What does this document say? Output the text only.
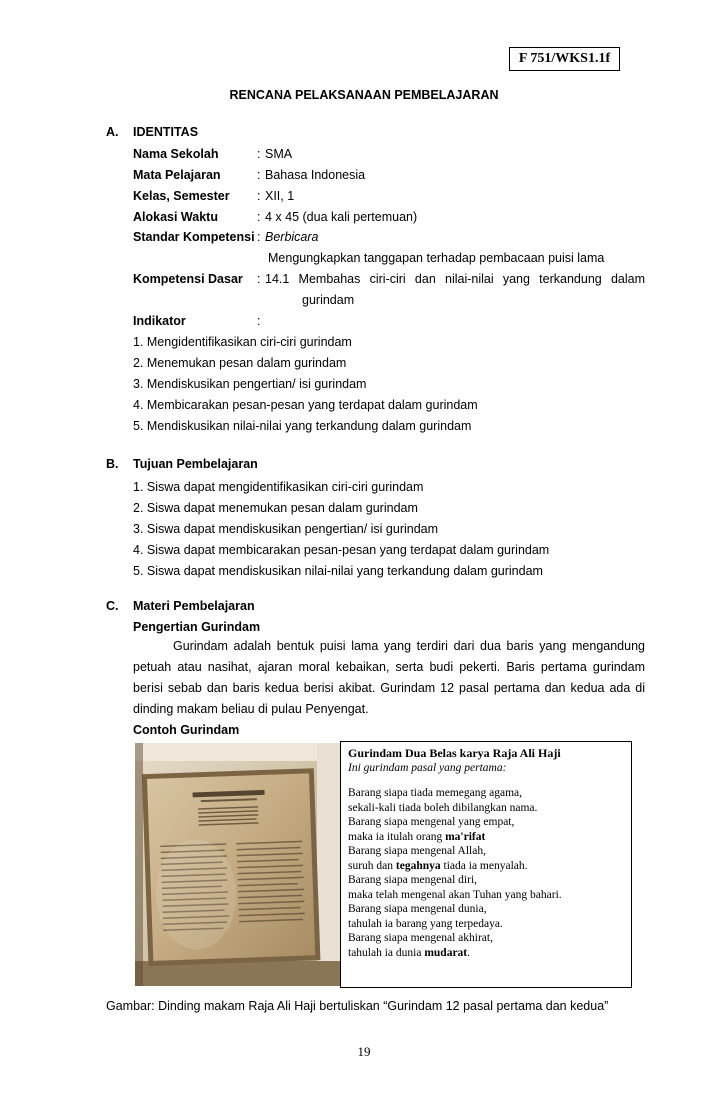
F 751/WKS1.1f
RENCANA PELAKSANAAN PEMBELAJARAN
A. IDENTITAS
Nama Sekolah	: SMA
Mata Pelajaran	: Bahasa Indonesia
Kelas, Semester : XII, 1
Alokasi Waktu	: 4 x 45 (dua kali pertemuan)
Standar Kompetensi : Berbicara
Mengungkapkan tanggapan terhadap pembacaan puisi lama
Kompetensi Dasar : 14.1 Membahas ciri-ciri dan nilai-nilai yang terkandung dalam
gurindam
Indikator	:
1. Mengidentifikasikan ciri-ciri gurindam
2. Menemukan pesan dalam gurindam
3. Mendiskusikan pengertian/ isi gurindam
4. Membicarakan pesan-pesan yang terdapat dalam gurindam
5. Mendiskusikan nilai-nilai yang terkandung dalam gurindam
B. Tujuan Pembelajaran
1. Siswa dapat mengidentifikasikan ciri-ciri gurindam
2. Siswa dapat menemukan pesan dalam gurindam
3. Siswa dapat mendiskusikan pengertian/ isi gurindam
4. Siswa dapat membicarakan pesan-pesan yang terdapat dalam gurindam
5. Siswa dapat mendiskusikan nilai-nilai yang terkandung dalam gurindam
C. Materi Pembelajaran
Pengertian Gurindam

Gurindam adalah bentuk puisi lama yang terdiri dari dua baris yang mengandung petuah atau nasihat, ajaran moral kebaikan, serta budi pekerti. Baris pertama gurindam berisi sebab dan baris kedua berisi akibat. Gurindam 12 pasal pertama dan kedua ada di dinding makam beliau di pulau Penyengat.

Contoh Gurindam
Gurindam Dua Belas karya Raja Ali Haji
Ini gurindam pasal yang pertama:
Barang siapa tiada memegang agama,
sekali-kali tiada boleh dibilangkan nama.
Barang siapa mengenal yang empat,
maka ia itulah orang ma'rifat
Barang siapa mengenal Allah,
suruh dan tegahnya tiada ia menyalah.
Barang siapa mengenal diri,
maka telah mengenal akan Tuhan yang bahari.
Barang siapa mengenal dunia,
tahulah ia barang yang terpedaya.
Barang siapa mengenal akhirat,
tahulah ia dunia mudarat.
Gambar: Dinding makam Raja Ali Haji bertuliskan “Gurindam 12 pasal pertama dan kedua”
19
